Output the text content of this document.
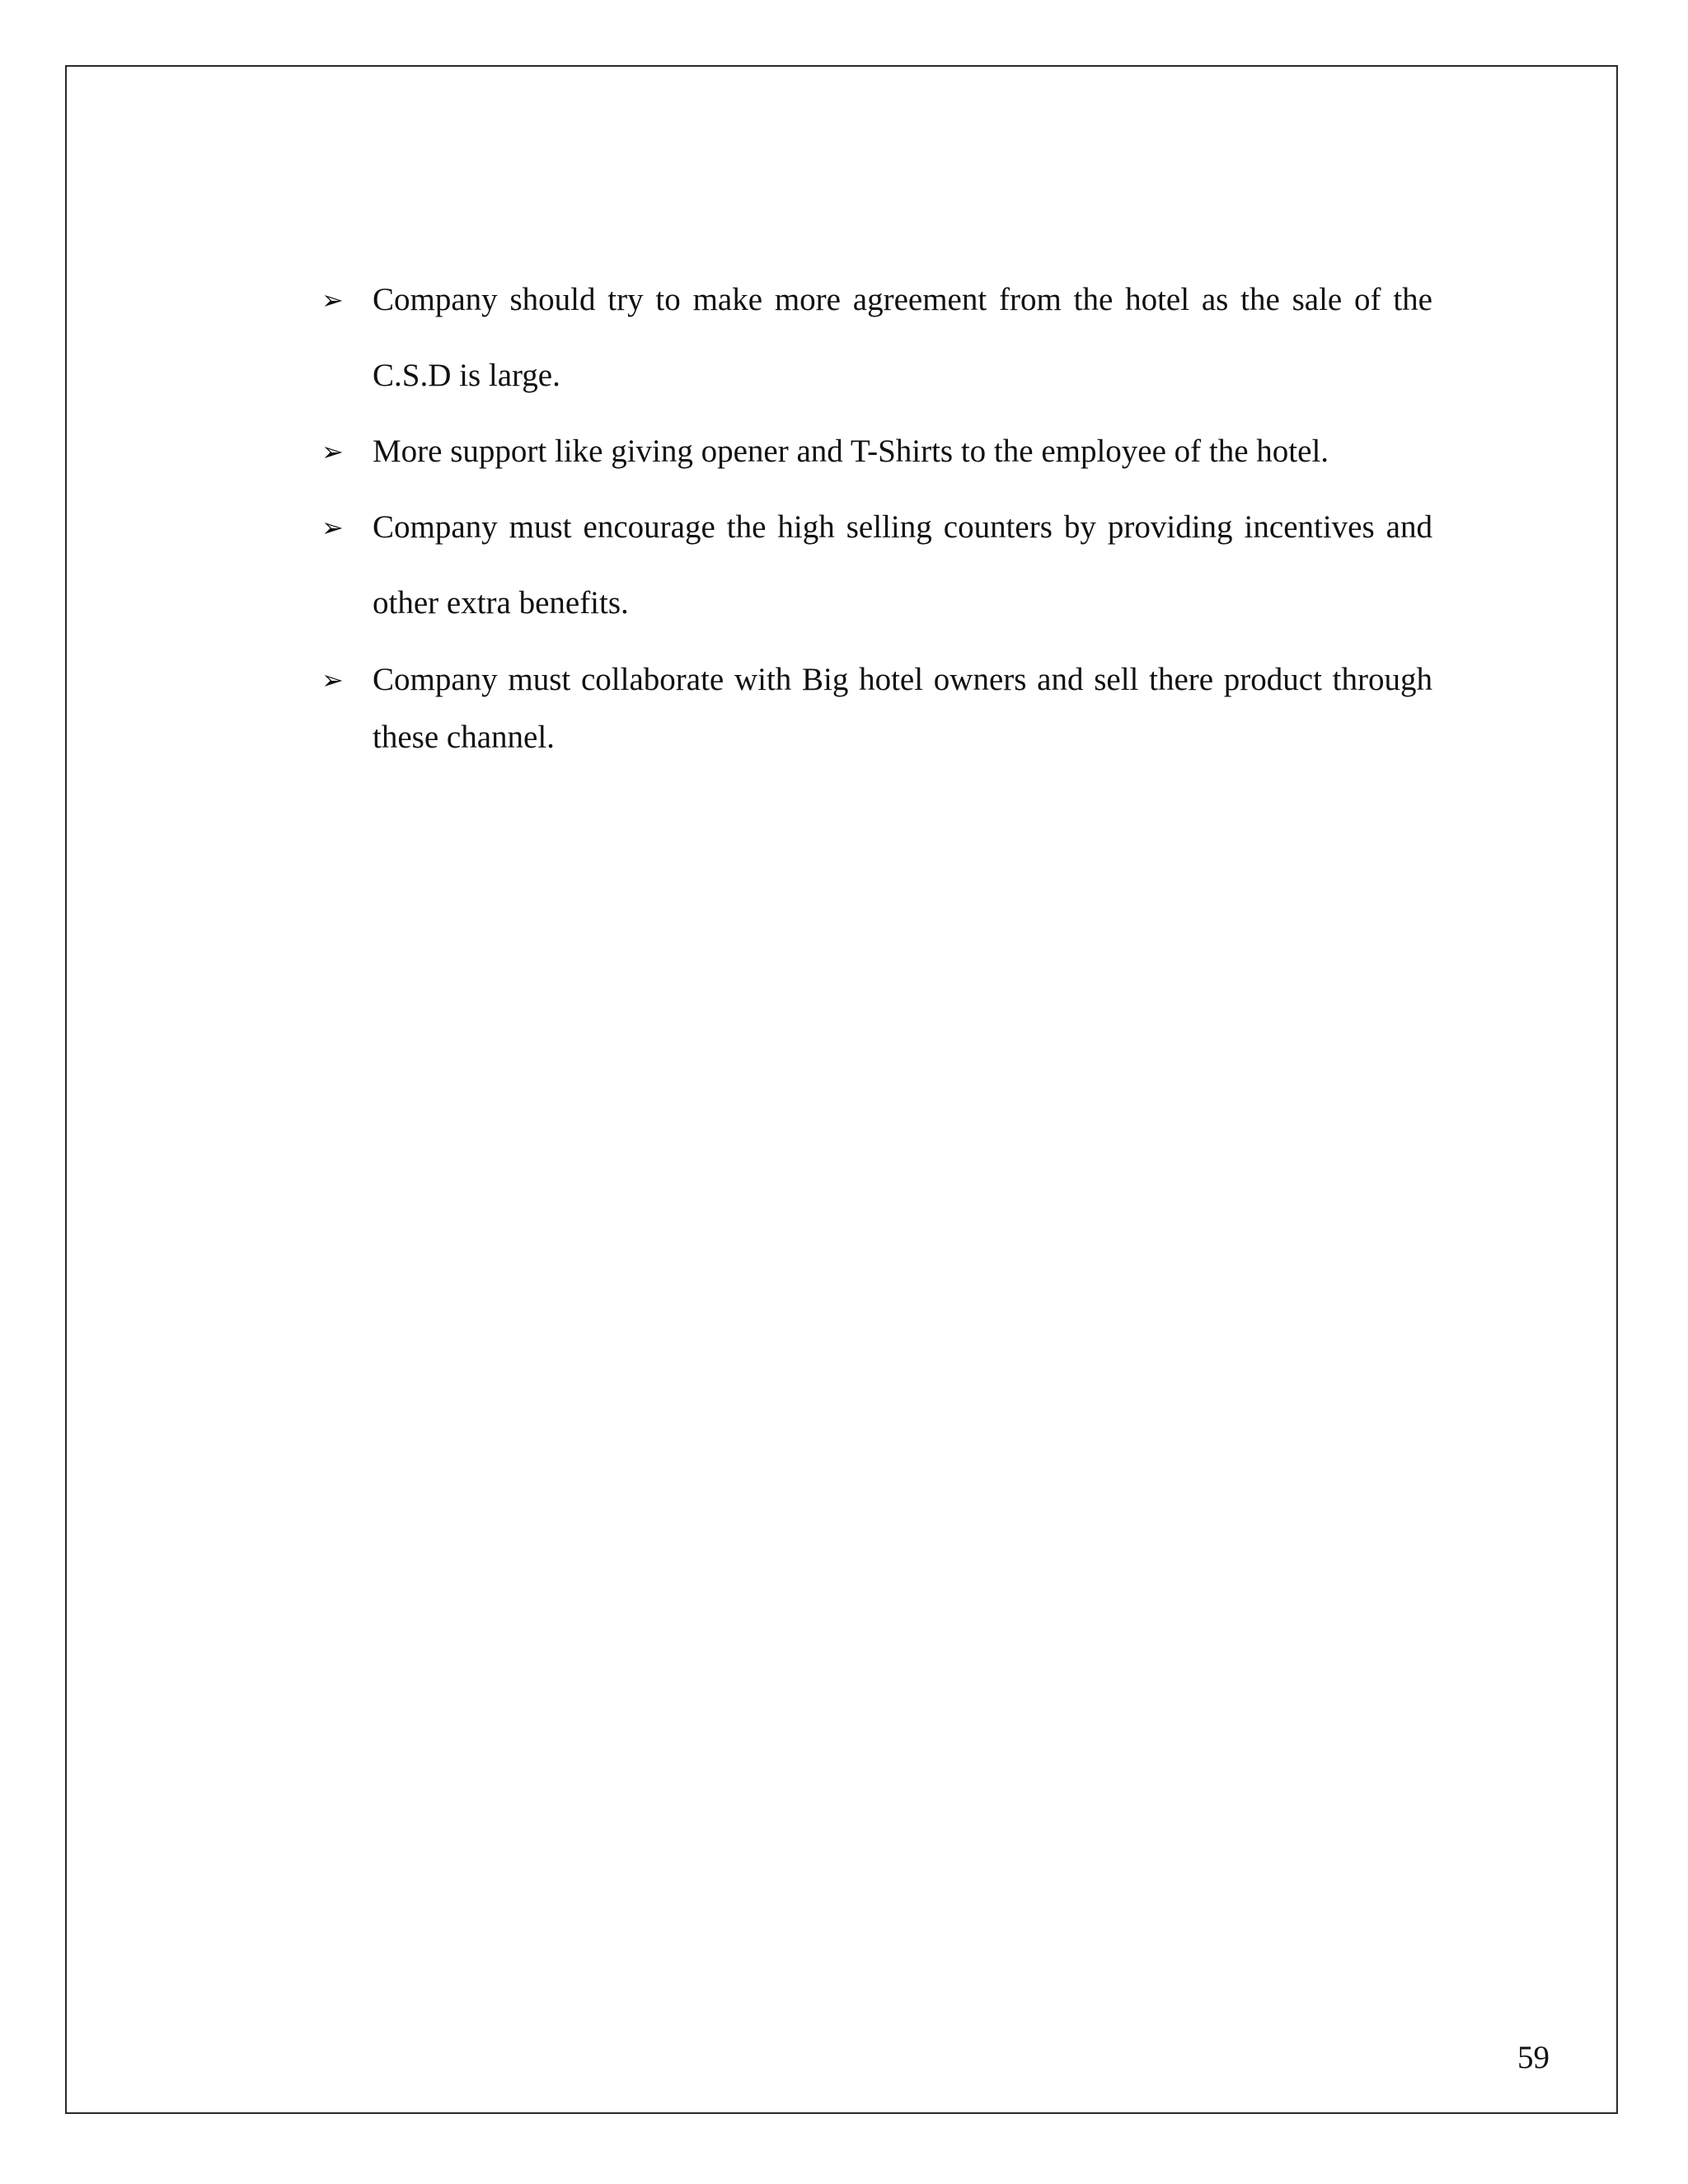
➢ Company should try to make more agreement from the hotel as the sale of the C.S.D is large.
➢ More support like giving opener and T-Shirts to the employee of the hotel.
➢ Company must encourage the high selling counters by providing incentives and other extra benefits.
➢ Company must collaborate with Big hotel owners and sell there product through these channel.
59
